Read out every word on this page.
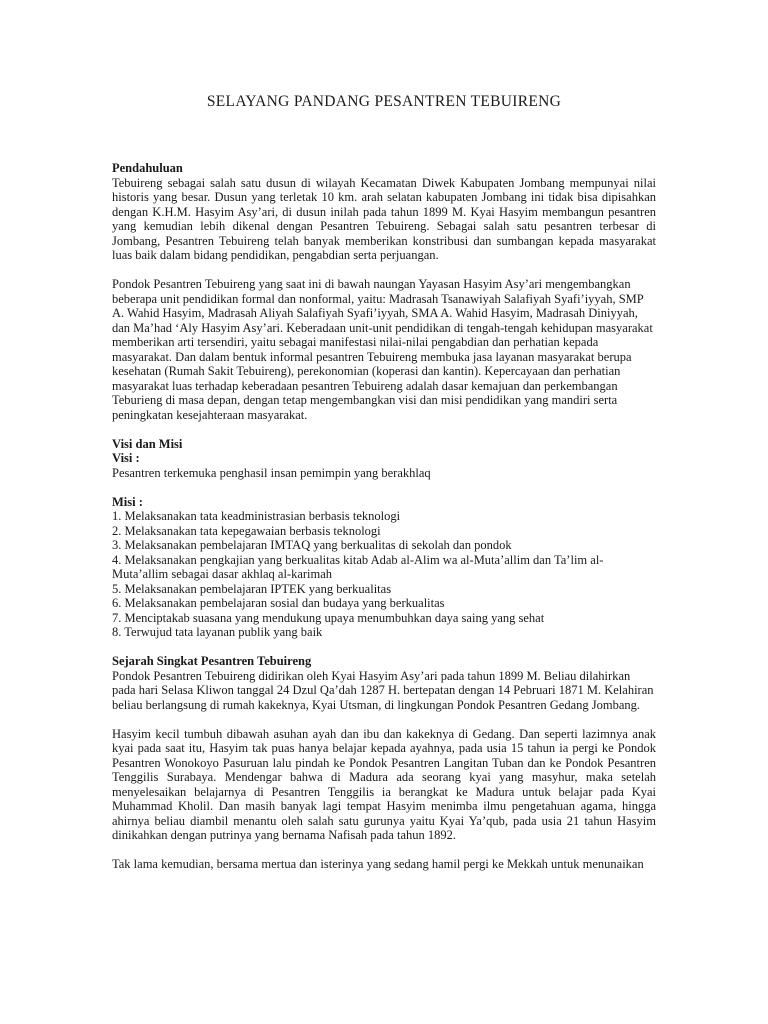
SELAYANG PANDANG PESANTREN TEBUIRENG
Pendahuluan

Tebuireng sebagai salah satu dusun di wilayah Kecamatan Diwek Kabupaten Jombang mempunyai nilai historis yang besar. Dusun yang terletak 10 km. arah selatan kabupaten Jombang ini tidak bisa dipisahkan dengan K.H.M. Hasyim Asy’ari, di dusun inilah pada tahun 1899 M. Kyai Hasyim membangun pesantren yang kemudian lebih dikenal dengan Pesantren Tebuireng. Sebagai salah satu pesantren terbesar di Jombang, Pesantren Tebuireng telah banyak memberikan konstribusi dan sumbangan kepada masyarakat luas baik dalam bidang pendidikan, pengabdian serta perjuangan.

Pondok Pesantren Tebuireng yang saat ini di bawah naungan Yayasan Hasyim Asy’ari mengembangkan beberapa unit pendidikan formal dan nonformal, yaitu: Madrasah Tsanawiyah Salafiyah Syafi’iyyah, SMP A. Wahid Hasyim, Madrasah Aliyah Salafiyah Syafi’iyyah, SMA A. Wahid Hasyim, Madrasah Diniyyah, dan Ma’had ‘Aly Hasyim Asy’ari. Keberadaan unit-unit pendidikan di tengah-tengah kehidupan masyarakat memberikan arti tersendiri, yaitu sebagai manifestasi nilai-nilai pengabdian dan perhatian kepada masyarakat. Dan dalam bentuk informal pesantren Tebuireng membuka jasa layanan masyarakat berupa kesehatan (Rumah Sakit Tebuireng), perekonomian (koperasi dan kantin). Kepercayaan dan perhatian masyarakat luas terhadap keberadaan pesantren Tebuireng adalah dasar kemajuan dan perkembangan Teburieng di masa depan, dengan tetap mengembangkan visi dan misi pendidikan yang mandiri serta peningkatan kesejahteraan masyarakat.

Visi dan Misi
Visi :

Pesantren terkemuka penghasil insan pemimpin yang berakhlaq

Misi :
1. Melaksanakan tata keadministrasian berbasis teknologi
2. Melaksanakan tata kepegawaian berbasis teknologi
3. Melaksanakan pembelajaran IMTAQ yang berkualitas di sekolah dan pondok
4. Melaksanakan pengkajian yang berkualitas kitab Adab al-Alim wa al-Muta’allim dan Ta’lim al-Muta’allim sebagai dasar akhlaq al-karimah
5. Melaksanakan pembelajaran IPTEK yang berkualitas
6. Melaksanakan pembelajaran sosial dan budaya yang berkualitas
7. Menciptakab suasana yang mendukung upaya menumbuhkan daya saing yang sehat
8. Terwujud tata layanan publik yang baik
Sejarah Singkat Pesantren Tebuireng

Pondok Pesantren Tebuireng didirikan oleh Kyai Hasyim Asy’ari pada tahun 1899 M. Beliau dilahirkan pada hari Selasa Kliwon tanggal 24 Dzul Qa’dah 1287 H. bertepatan dengan 14 Pebruari 1871 M. Kelahiran beliau berlangsung di rumah kakeknya, Kyai Utsman, di lingkungan Pondok Pesantren Gedang Jombang.

Hasyim kecil tumbuh dibawah asuhan ayah dan ibu dan kakeknya di Gedang. Dan seperti lazimnya anak kyai pada saat itu, Hasyim tak puas hanya belajar kepada ayahnya, pada usia 15 tahun ia pergi ke Pondok Pesantren Wonokoyo Pasuruan lalu pindah ke Pondok Pesantren Langitan Tuban dan ke Pondok Pesantren Tenggilis Surabaya. Mendengar bahwa di Madura ada seorang kyai yang masyhur, maka setelah menyelesaikan belajarnya di Pesantren Tenggilis ia berangkat ke Madura untuk belajar pada Kyai Muhammad Kholil. Dan masih banyak lagi tempat Hasyim menimba ilmu pengetahuan agama, hingga ahirnya beliau diambil menantu oleh salah satu gurunya yaitu Kyai Ya’qub, pada usia 21 tahun Hasyim dinikahkan dengan putrinya yang bernama Nafisah pada tahun 1892.

Tak lama kemudian, bersama mertua dan isterinya yang sedang hamil pergi ke Mekkah untuk menunaikan
